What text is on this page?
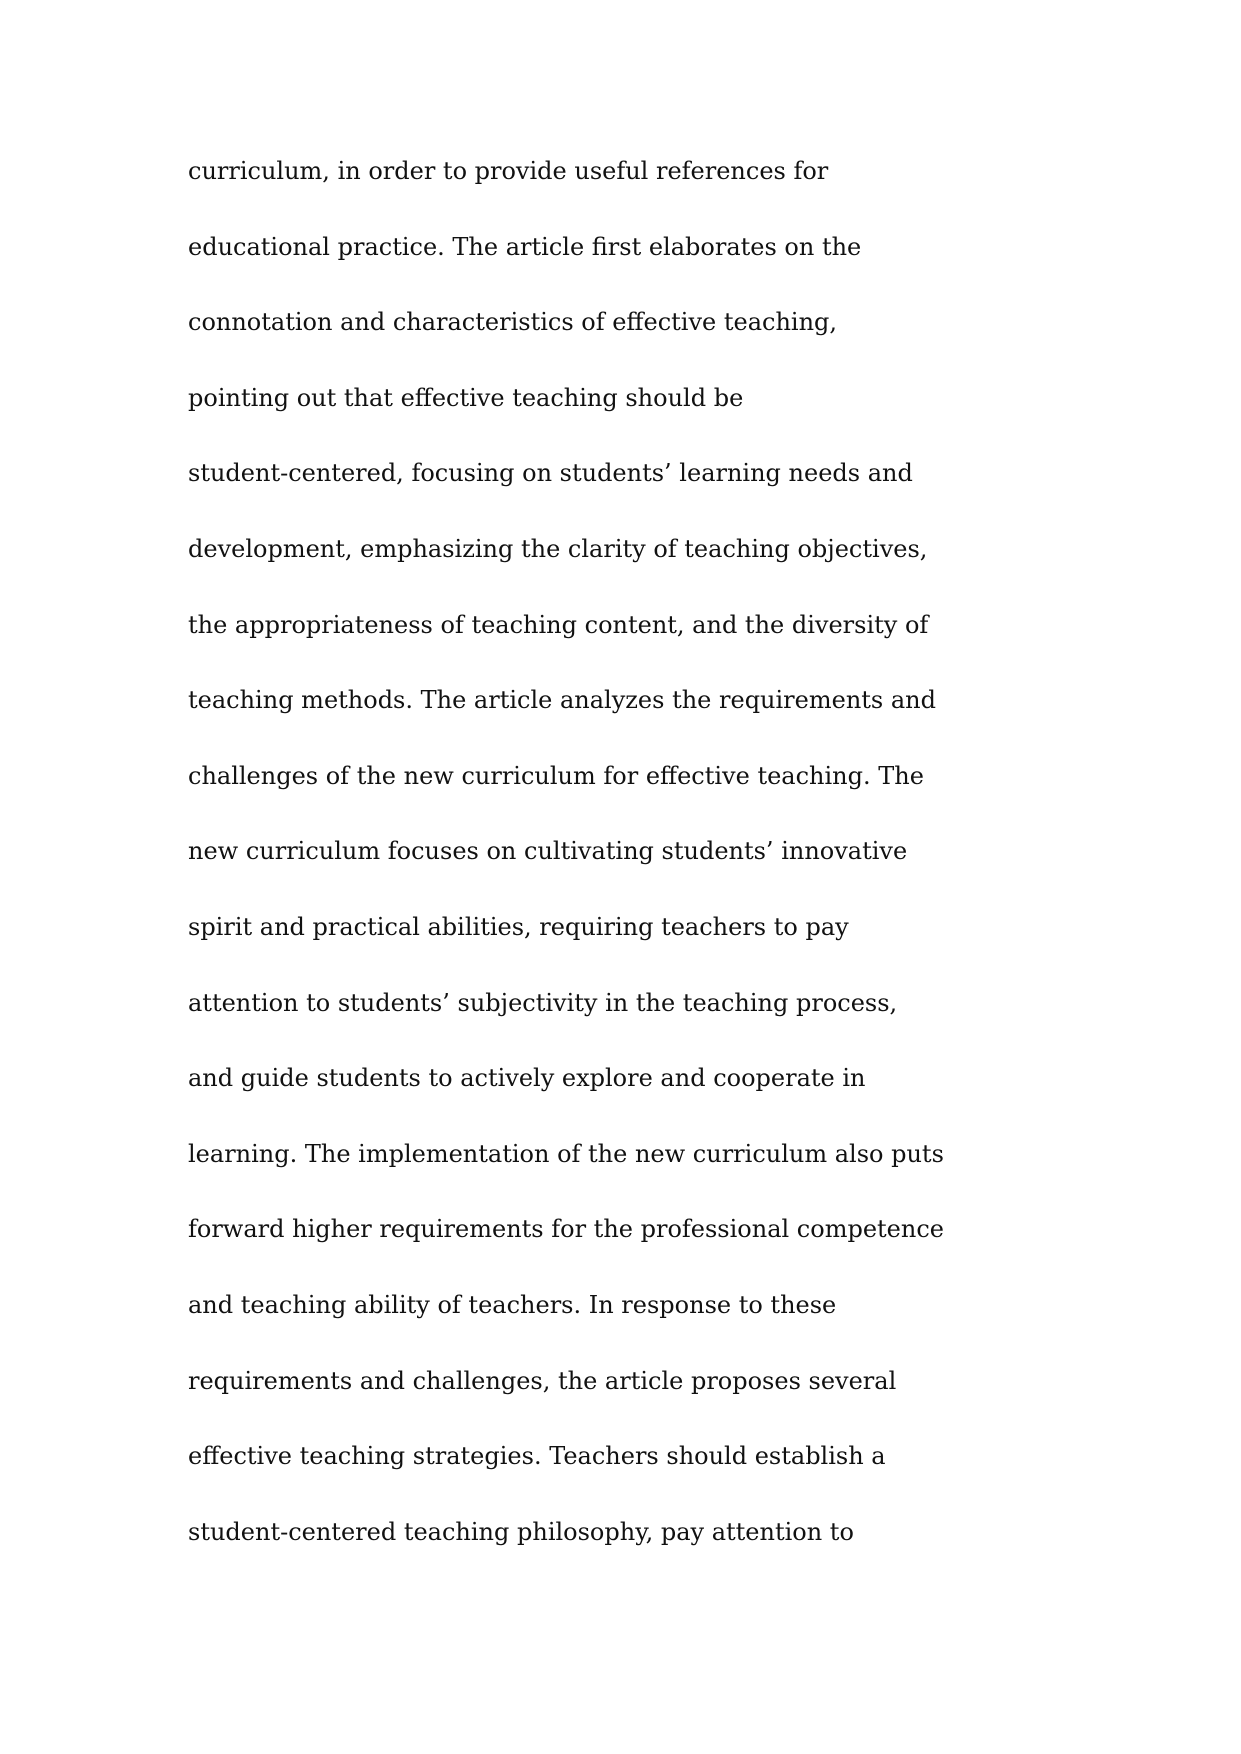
curriculum, in order to provide useful references for
educational practice. The article first elaborates on the
connotation and characteristics of effective teaching,
pointing out that effective teaching should be
student-centered, focusing on students’ learning needs and
development, emphasizing the clarity of teaching objectives,
the appropriateness of teaching content, and the diversity of
teaching methods. The article analyzes the requirements and
challenges of the new curriculum for effective teaching. The
new curriculum focuses on cultivating students’ innovative
spirit and practical abilities, requiring teachers to pay
attention to students’ subjectivity in the teaching process,
and guide students to actively explore and cooperate in
learning. The implementation of the new curriculum also puts
forward higher requirements for the professional competence
and teaching ability of teachers. In response to these
requirements and challenges, the article proposes several
effective teaching strategies. Teachers should establish a
student-centered teaching philosophy, pay attention to
